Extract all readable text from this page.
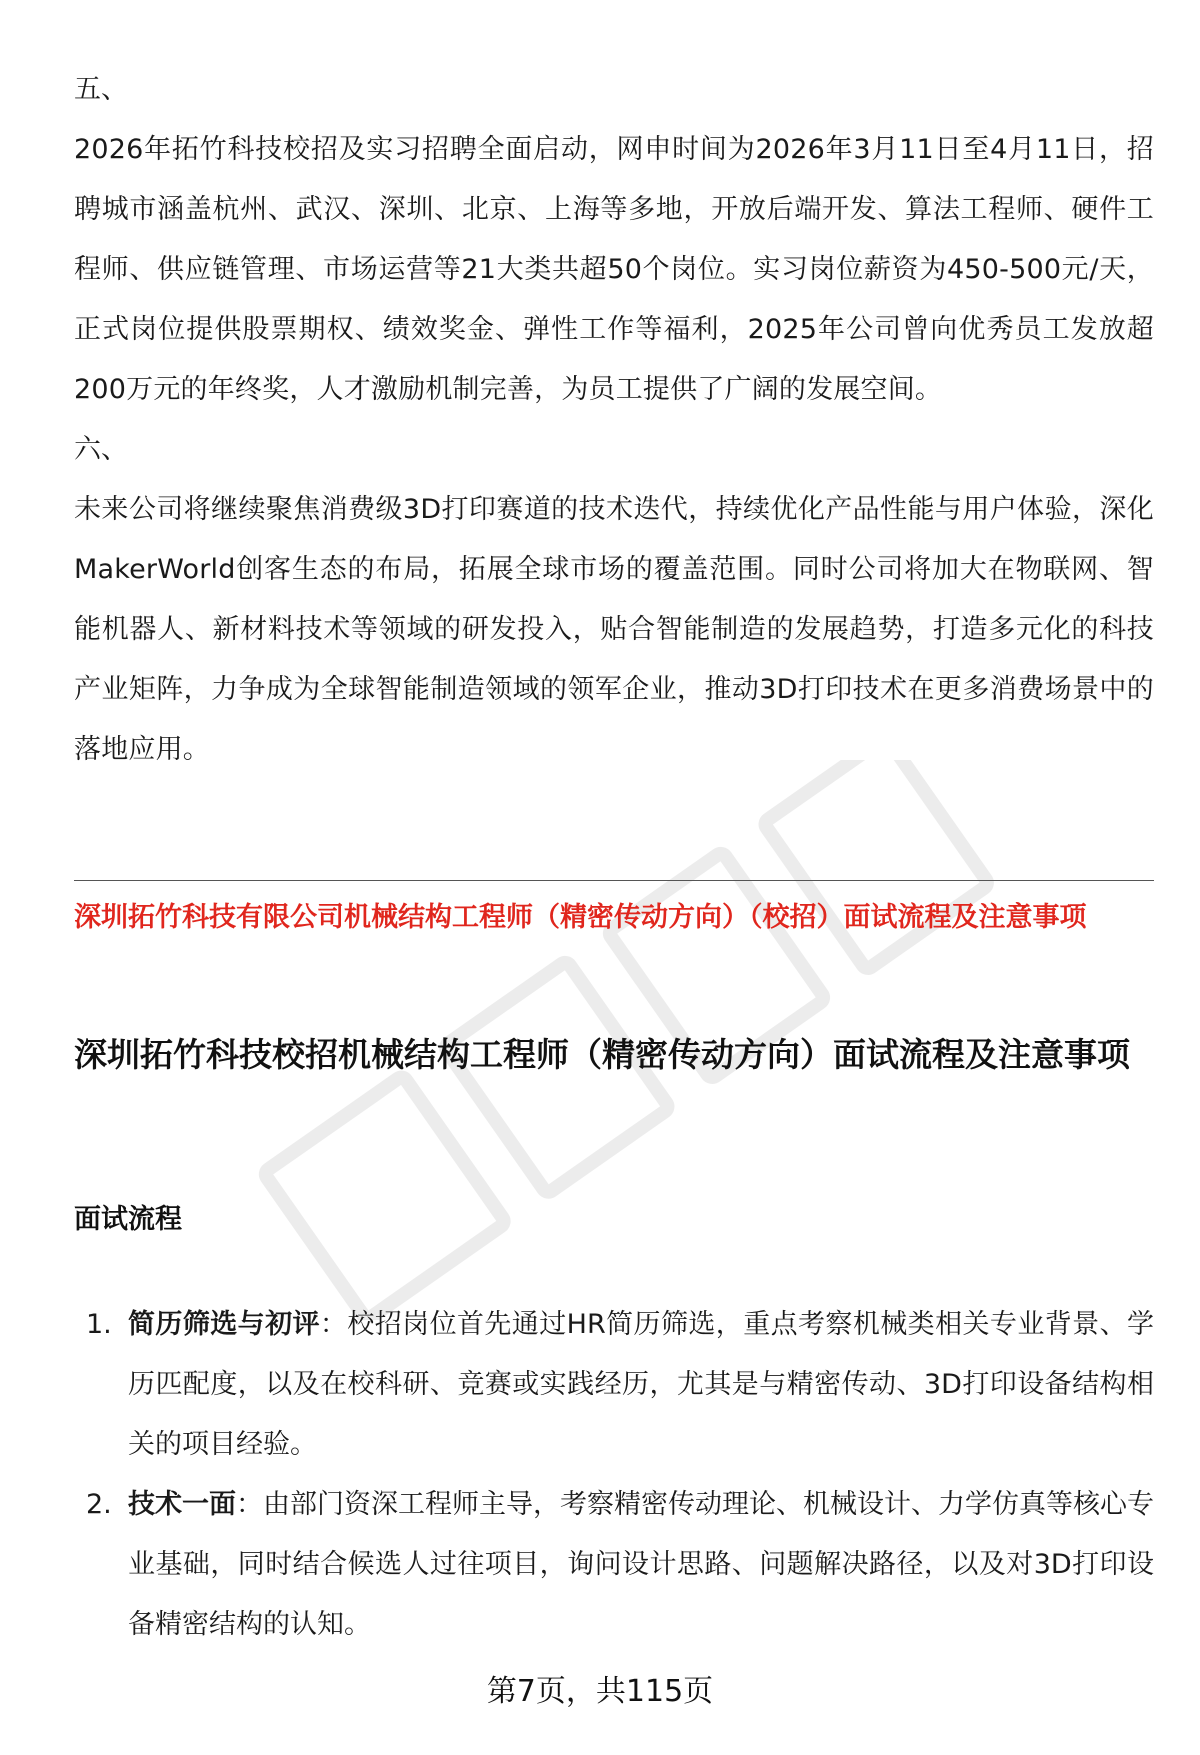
五、

2026年拓竹科技校招及实习招聘全面启动，网申时间为2026年3月11日至4月11日，招聘城市涵盖杭州、武汉、深圳、北京、上海等多地，开放后端开发、算法工程师、硬件工程师、供应链管理、市场运营等21大类共超50个岗位。实习岗位薪资为450-500元/天，正式岗位提供股票期权、绩效奖金、弹性工作等福利，2025年公司曾向优秀员工发放超200万元的年终奖，人才激励机制完善，为员工提供了广阔的发展空间。

六、

未来公司将继续聚焦消费级3D打印赛道的技术迭代，持续优化产品性能与用户体验，深化MakerWorld创客生态的布局，拓展全球市场的覆盖范围。同时公司将加大在物联网、智能机器人、新材料技术等领域的研发投入，贴合智能制造的发展趋势，打造多元化的科技产业矩阵，力争成为全球智能制造领域的领军企业，推动3D打印技术在更多消费场景中的落地应用。

深圳拓竹科技有限公司机械结构工程师（精密传动方向）（校招）面试流程及注意事项
深圳拓竹科技校招机械结构工程师（精密传动方向）面试流程及注意事项
面试流程
1. 简历筛选与初评：校招岗位首先通过HR简历筛选，重点考察机械类相关专业背景、学历匹配度，以及在校科研、竞赛或实践经历，尤其是与精密传动、3D打印设备结构相关的项目经验。
2. 技术一面：由部门资深工程师主导，考察精密传动理论、机械设计、力学仿真等核心专业基础，同时结合候选人过往项目，询问设计思路、问题解决路径，以及对3D打印设备精密结构的认知。
第7页，共115页
